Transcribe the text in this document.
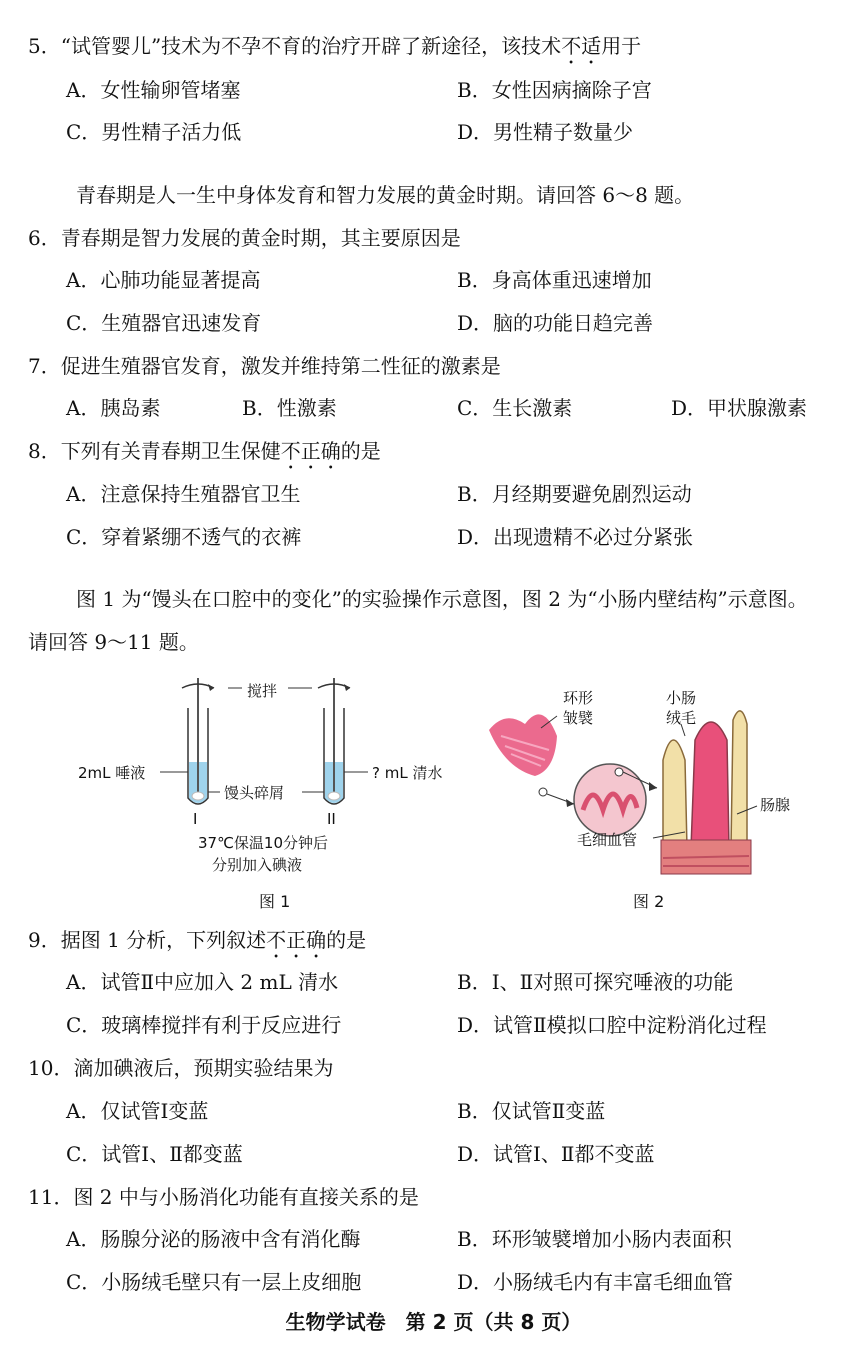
5．“试管婴儿”技术为不孕不育的治疗开辟了新途径，该技术不适用于
A．女性输卵管堵塞	B．女性因病摘除子宫
C．男性精子活力低	D．男性精子数量少
青春期是人一生中身体发育和智力发展的黄金时期。请回答 6～8 题。
6．青春期是智力发展的黄金时期，其主要原因是
A．心肺功能显著提高	B．身高体重迅速增加
C．生殖器官迅速发育	D．脑的功能日趋完善
7．促进生殖器官发育，激发并维持第二性征的激素是
A．胰岛素	B．性激素	C．生长激素	D．甲状腺激素
8．下列有关青春期卫生保健不正确的是
A．注意保持生殖器官卫生	B．月经期要避免剧烈运动
C．穿着紧绷不透气的衣裤	D．出现遗精不必过分紧张
图 1 为“馒头在口腔中的变化”的实验操作示意图，图 2 为“小肠内壁结构”示意图。
请回答 9～11 题。
搅拌
2mL 唾液	? mL 清水
馒头碎屑
I	II
37℃保温10分钟后
分别加入碘液
图 1
环形
皱襞
小肠
绒毛
肠腺
毛细血管
图 2
9．据图 1 分析，下列叙述不正确的是
A．试管Ⅱ中应加入 2 mL 清水	B．Ⅰ、Ⅱ对照可探究唾液的功能
C．玻璃棒搅拌有利于反应进行	D．试管Ⅱ模拟口腔中淀粉消化过程
10．滴加碘液后，预期实验结果为
A．仅试管Ⅰ变蓝	B．仅试管Ⅱ变蓝
C．试管Ⅰ、Ⅱ都变蓝	D．试管Ⅰ、Ⅱ都不变蓝
11．图 2 中与小肠消化功能有直接关系的是
A．肠腺分泌的肠液中含有消化酶	B．环形皱襞增加小肠内表面积
C．小肠绒毛壁只有一层上皮细胞	D．小肠绒毛内有丰富毛细血管
生物学试卷　第 2 页（共 8 页）
